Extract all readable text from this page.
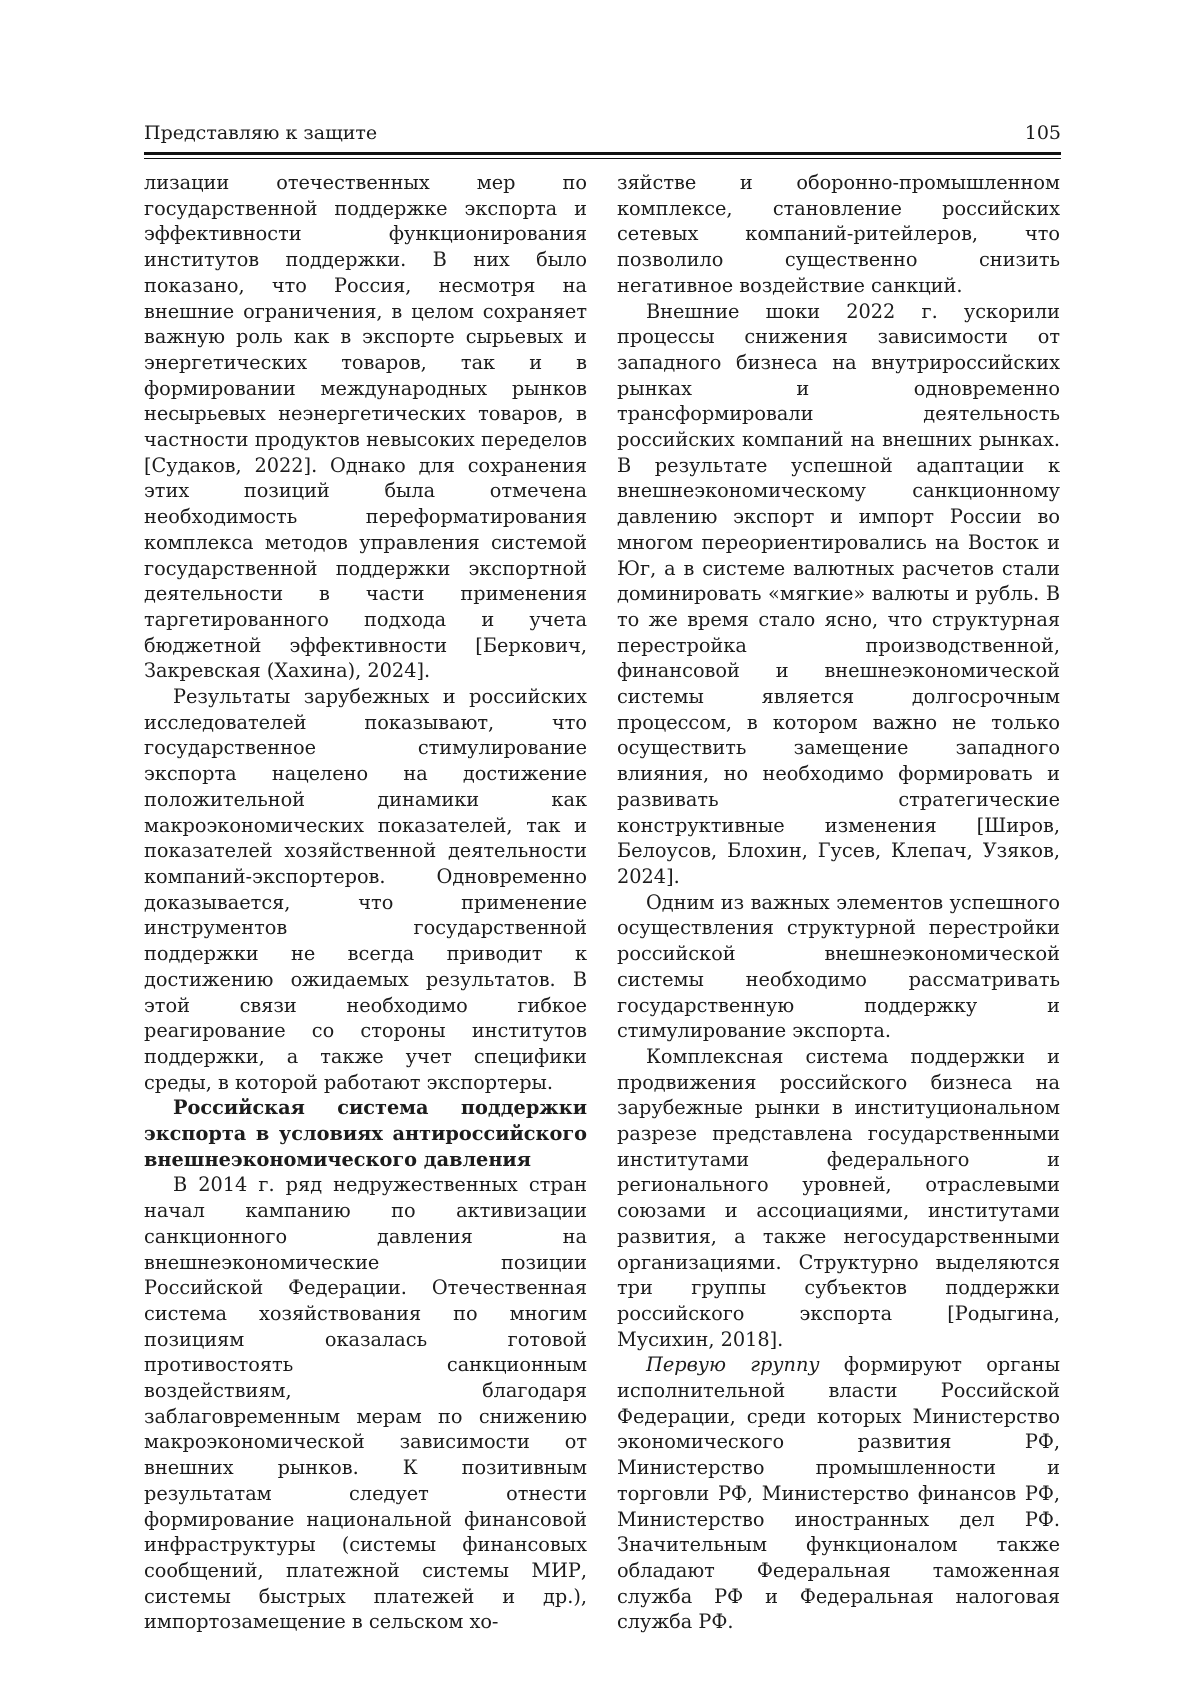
Представляю к защите	105

лизации отечественных мер по государственной поддержке экспорта и эффективности функционирования институтов поддержки. В них было показано, что Россия, несмотря на внешние ограничения, в целом сохраняет важную роль как в экспорте сырьевых и энергетических товаров, так и в формировании международных рынков несырьевых неэнергетических товаров, в частности продуктов невысоких переделов [Судаков, 2022]. Однако для сохранения этих позиций была отмечена необходимость переформатирования комплекса методов управления системой государственной поддержки экспортной деятельности в части применения таргетированного подхода и учета бюджетной эффективности [Беркович, Закревская (Хахина), 2024].

Результаты зарубежных и российских исследователей показывают, что государственное стимулирование экспорта нацелено на достижение положительной динамики как макроэкономических показателей, так и показателей хозяйственной деятельности компаний-экспортеров. Одновременно доказывается, что применение инструментов государственной поддержки не всегда приводит к достижению ожидаемых результатов. В этой связи необходимо гибкое реагирование со стороны институтов поддержки, а также учет специфики среды, в которой работают экспортеры.

Российская система поддержки экспорта в условиях антироссийского внешнеэкономического давления

В 2014 г. ряд недружественных стран начал кампанию по активизации санкционного давления на внешнеэкономические позиции Российской Федерации. Отечественная система хозяйствования по многим позициям оказалась готовой противостоять санкционным воздействиям, благодаря заблаговременным мерам по снижению макроэкономической зависимости от внешних рынков. К позитивным результатам следует отнести формирование национальной финансовой инфраструктуры (системы финансовых сообщений, платежной системы МИР, системы быстрых платежей и др.), импортозамещение в сельском хо-

зяйстве и оборонно-промышленном комплексе, становление российских сетевых компаний-ритейлеров, что позволило существенно снизить негативное воздействие санкций.

Внешние шоки 2022 г. ускорили процессы снижения зависимости от западного бизнеса на внутрироссийских рынках и одновременно трансформировали деятельность российских компаний на внешних рынках. В результате успешной адаптации к внешнеэкономическому санкционному давлению экспорт и импорт России во многом переориентировались на Восток и Юг, а в системе валютных расчетов стали доминировать «мягкие» валюты и рубль. В то же время стало ясно, что структурная перестройка производственной, финансовой и внешнеэкономической системы является долгосрочным процессом, в котором важно не только осуществить замещение западного влияния, но необходимо формировать и развивать стратегические конструктивные изменения [Широв, Белоусов, Блохин, Гусев, Клепач, Узяков, 2024].

Одним из важных элементов успешного осуществления структурной перестройки российской внешнеэкономической системы необходимо рассматривать государственную поддержку и стимулирование экспорта.

Комплексная система поддержки и продвижения российского бизнеса на зарубежные рынки в институциональном разрезе представлена государственными институтами федерального и регионального уровней, отраслевыми союзами и ассоциациями, институтами развития, а также негосударственными организациями. Структурно выделяются три группы субъектов поддержки российского экспорта [Родыгина, Мусихин, 2018].

Первую группу формируют органы исполнительной власти Российской Федерации, среди которых Министерство экономического развития РФ, Министерство промышленности и торговли РФ, Министерство финансов РФ, Министерство иностранных дел РФ. Значительным функционалом также обладают Федеральная таможенная служба РФ и Федеральная налоговая служба РФ.
